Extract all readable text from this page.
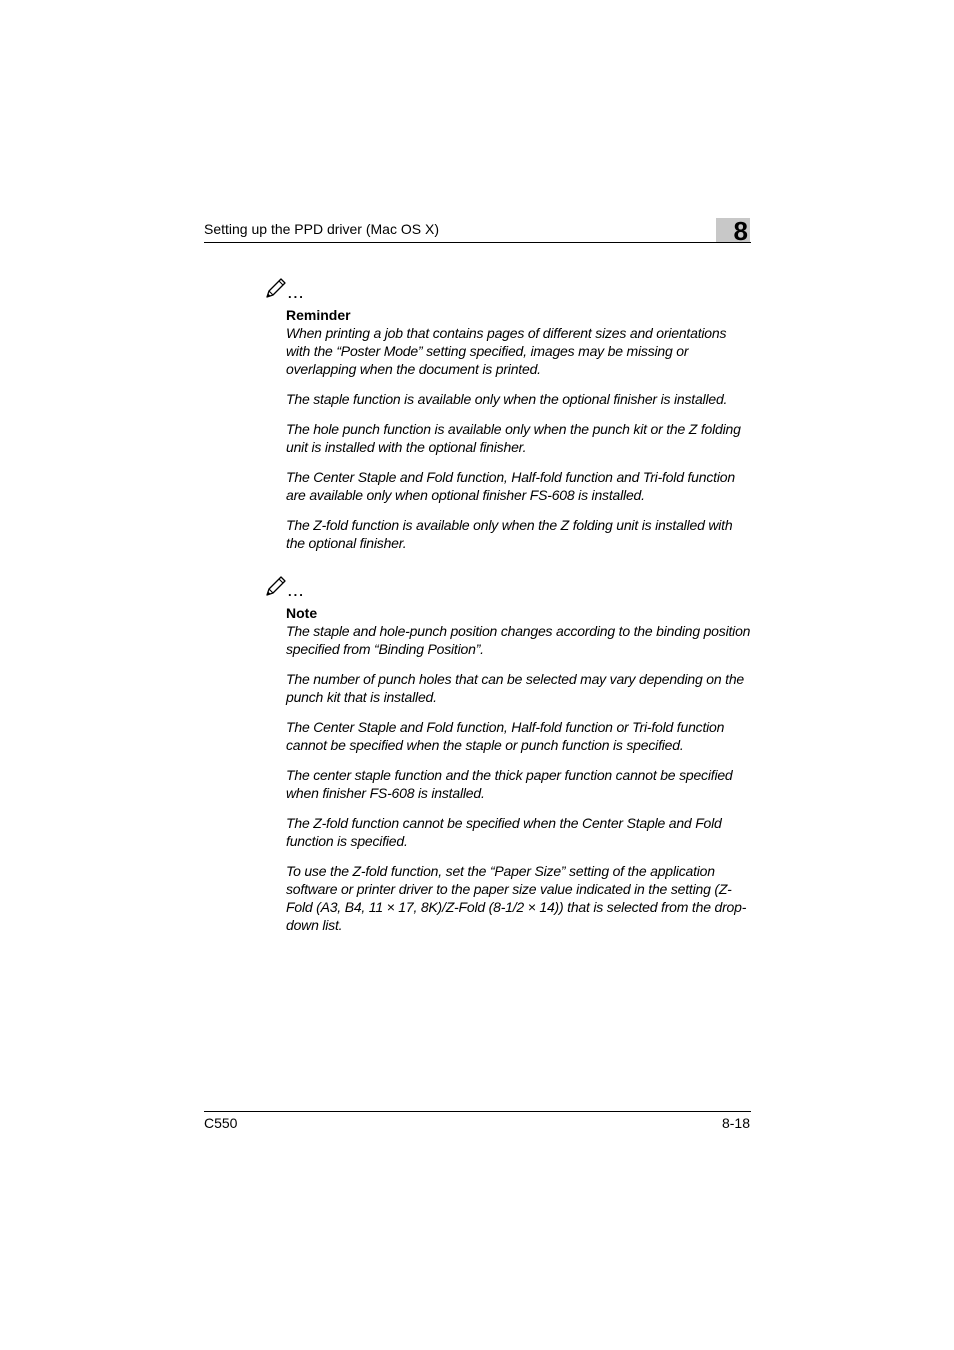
Setting up the PPD driver (Mac OS X)	8
...
Reminder

When printing a job that contains pages of different sizes and orientations with the “Poster Mode” setting specified, images may be missing or overlapping when the document is printed.

The staple function is available only when the optional finisher is installed.

The hole punch function is available only when the punch kit or the Z folding unit is installed with the optional finisher.

The Center Staple and Fold function, Half-fold function and Tri-fold function are available only when optional finisher FS-608 is installed.

The Z-fold function is available only when the Z folding unit is installed with the optional finisher.

...
Note

The staple and hole-punch position changes according to the binding position specified from “Binding Position”.

The number of punch holes that can be selected may vary depending on the punch kit that is installed.

The Center Staple and Fold function, Half-fold function or Tri-fold function cannot be specified when the staple or punch function is specified.

The center staple function and the thick paper function cannot be specified when finisher FS-608 is installed.

The Z-fold function cannot be specified when the Center Staple and Fold function is specified.

To use the Z-fold function, set the “Paper Size” setting of the application software or printer driver to the paper size value indicated in the setting (Z-Fold (A3, B4, 11 × 17, 8K)/Z-Fold (8-1/2 × 14)) that is selected from the drop-down list.

C550	8-18
